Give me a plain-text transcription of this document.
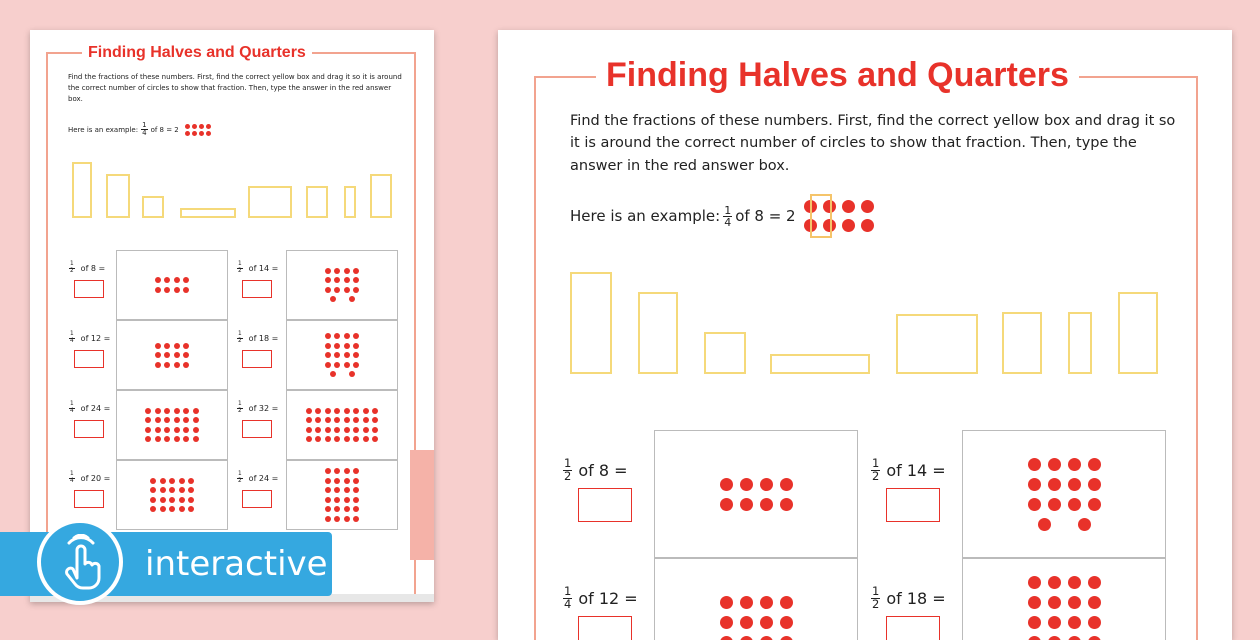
Finding Halves and Quarters
Find the fractions of these numbers. First, find the correct yellow box and drag it so it is around the correct number of circles to show that fraction. Then, type the answer in the red answer box.
Here is an example: $\frac{1}{4}$ of 8 = 2
$\frac{1}{2}$ of 8 =	$\frac{1}{2}$ of 14 =
$\frac{1}{4}$ of 12 =	$\frac{1}{2}$ of 18 =
$\frac{1}{4}$ of 24 =	$\frac{1}{2}$ of 32 =
$\frac{1}{4}$ of 20 =	$\frac{1}{2}$ of 24 =
Finding Halves and Quarters
Find the fractions of these numbers. First, find the correct yellow box and drag it so it is around the correct number of circles to show that fraction. Then, type the answer in the red answer box.
Here is an example: $\frac{1}{4}$ of 8 = 2
$\frac{1}{2}$ of 8 =	$\frac{1}{2}$ of 14 =
$\frac{1}{4}$ of 12 =	$\frac{1}{2}$ of 18 =
interactive
